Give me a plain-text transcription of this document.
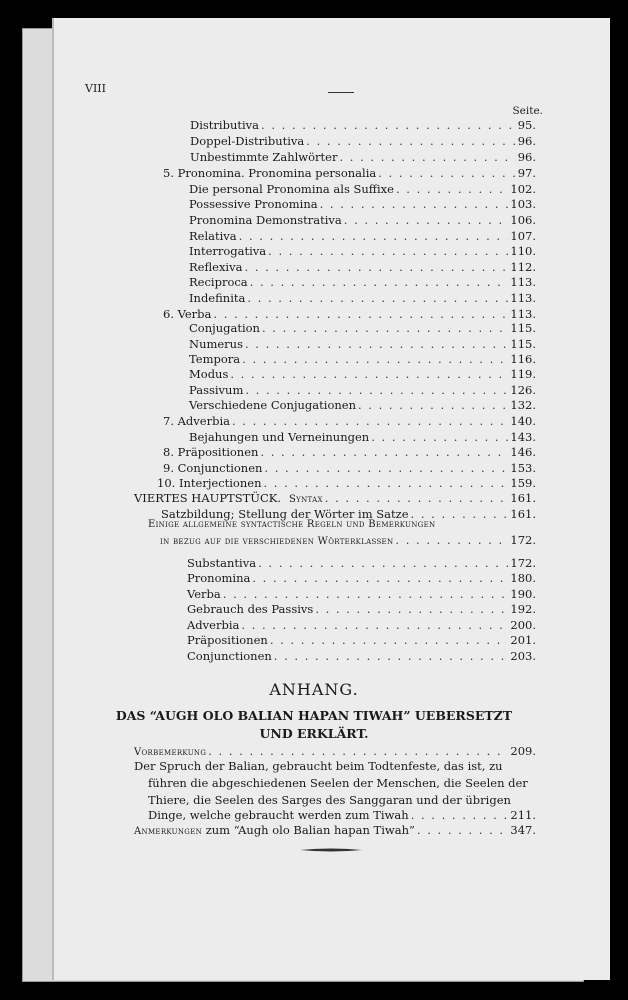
VIII
Seite.
Distributiva . . .	95.
Doppel-Distributiva . . .	96.
Unbestimmte Zahlwörter . . .	96.
5. Pronomina. Pronomina personalia . . .	97.
Die personal Pronomina als Suffixe . . .	102.
Possessive Pronomina . . .	103.
Pronomina Demonstrativa . . .	106.
Relativa . . .	107.
Interrogativa . . .	110.
Reflexiva . . .	112.
Reciproca . . .	113.
Indefinita . . .	113.
6. Verba . . .	113.
Conjugation . . .	115.
Numerus . . .	115.
Tempora . . .	116.
Modus . . .	119.
Passivum . . .	126.
Verschiedene Conjugationen . . .	132.
7. Adverbia . . .	140.
Bejahungen und Verneinungen . . .	143.
8. Präpositionen . . .	146.
9. Conjunctionen . . .	153.
10. Interjectionen . . .	159.
VIERTES HAUPTSTÜCK. Syntax . . .	161.
Satzbildung; Stellung der Wörter im Satze . . .	161.
Substantiva . . .	172.
Pronomina . . .	180.
Verba . . .	190.
Gebrauch des Passivs . . .	192.
Adverbia . . .	200.
Präpositionen . . .	201.
Conjunctionen . . .	203.
Einige allgemeine syntactische Regeln und Bemerkungen
in bezug auf die verschiedenen Wörterklassen . . .	172.
ANHANG.
DAS “AUGH OLO BALIAN HAPAN TIWAH” UEBERSETZT
UND ERKLÄRT.
Vorbemerkung . . .	209.
Der Spruch der Balian, gebraucht beim Todtenfeste, das ist, zu
führen die abgeschiedenen Seelen der Menschen, die Seelen der
Thiere, die Seelen des Sarges des Sanggaran und der übrigen
Dinge, welche gebraucht werden zum Tiwah . . .	211.
Anmerkungen zum “Augh olo Balian hapan Tiwah” . . .	347.
